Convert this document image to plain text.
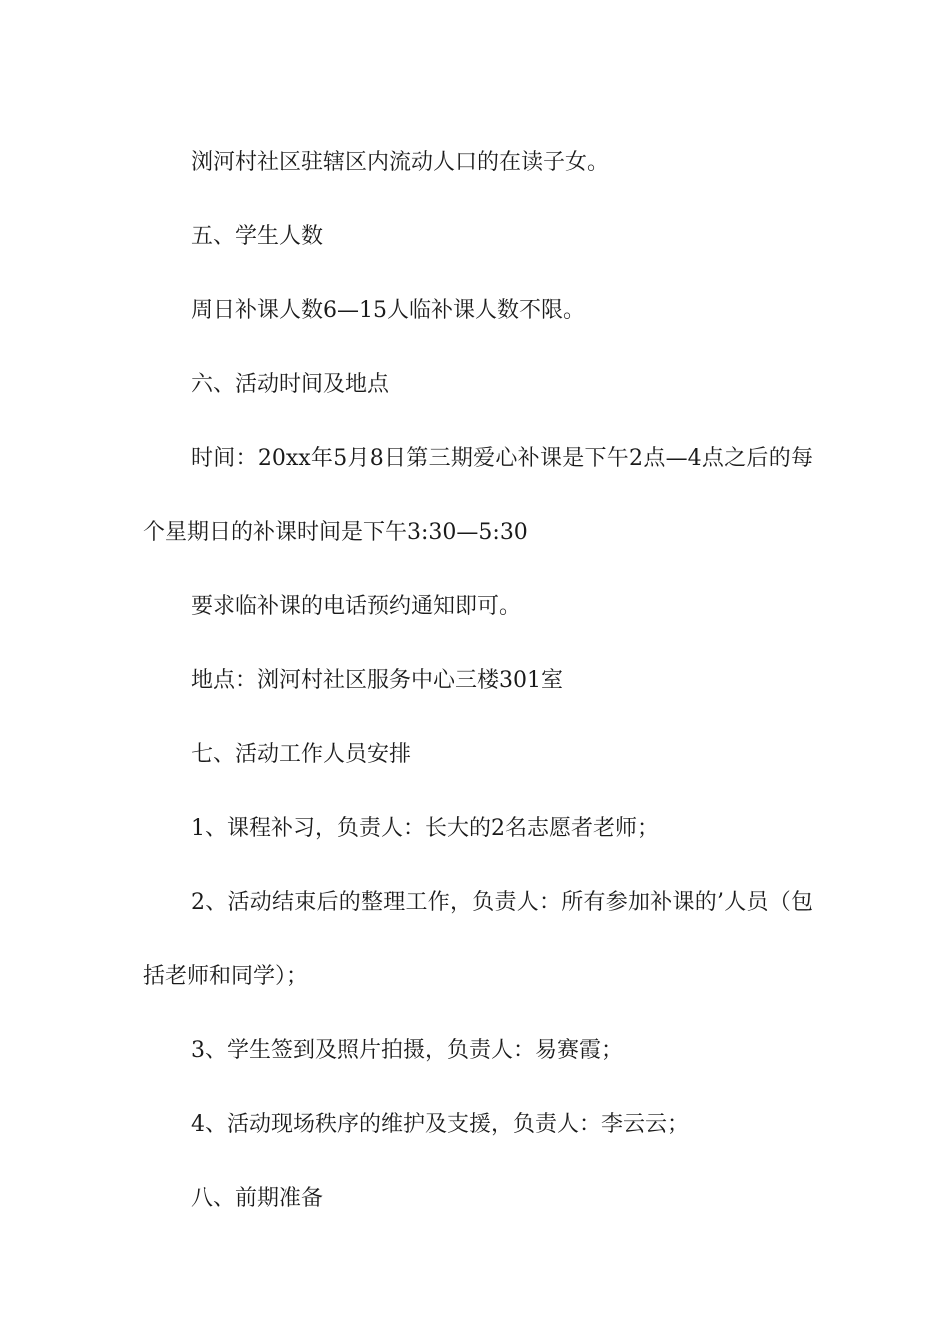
浏河村社区驻辖区内流动人口的在读子女。

五、学生人数

周日补课人数6—15人临补课人数不限。

六、活动时间及地点

时间：20xx年5月8日第三期爱心补课是下午2点—4点之后的每个星期日的补课时间是下午3:30—5:30

要求临补课的电话预约通知即可。

地点：浏河村社区服务中心三楼301室

七、活动工作人员安排

1、课程补习，负责人：长大的2名志愿者老师；

2、活动结束后的整理工作，负责人：所有参加补课的’人员（包括老师和同学）；

3、学生签到及照片拍摄，负责人：易赛霞；

4、活动现场秩序的维护及支援，负责人：李云云；

八、前期准备
